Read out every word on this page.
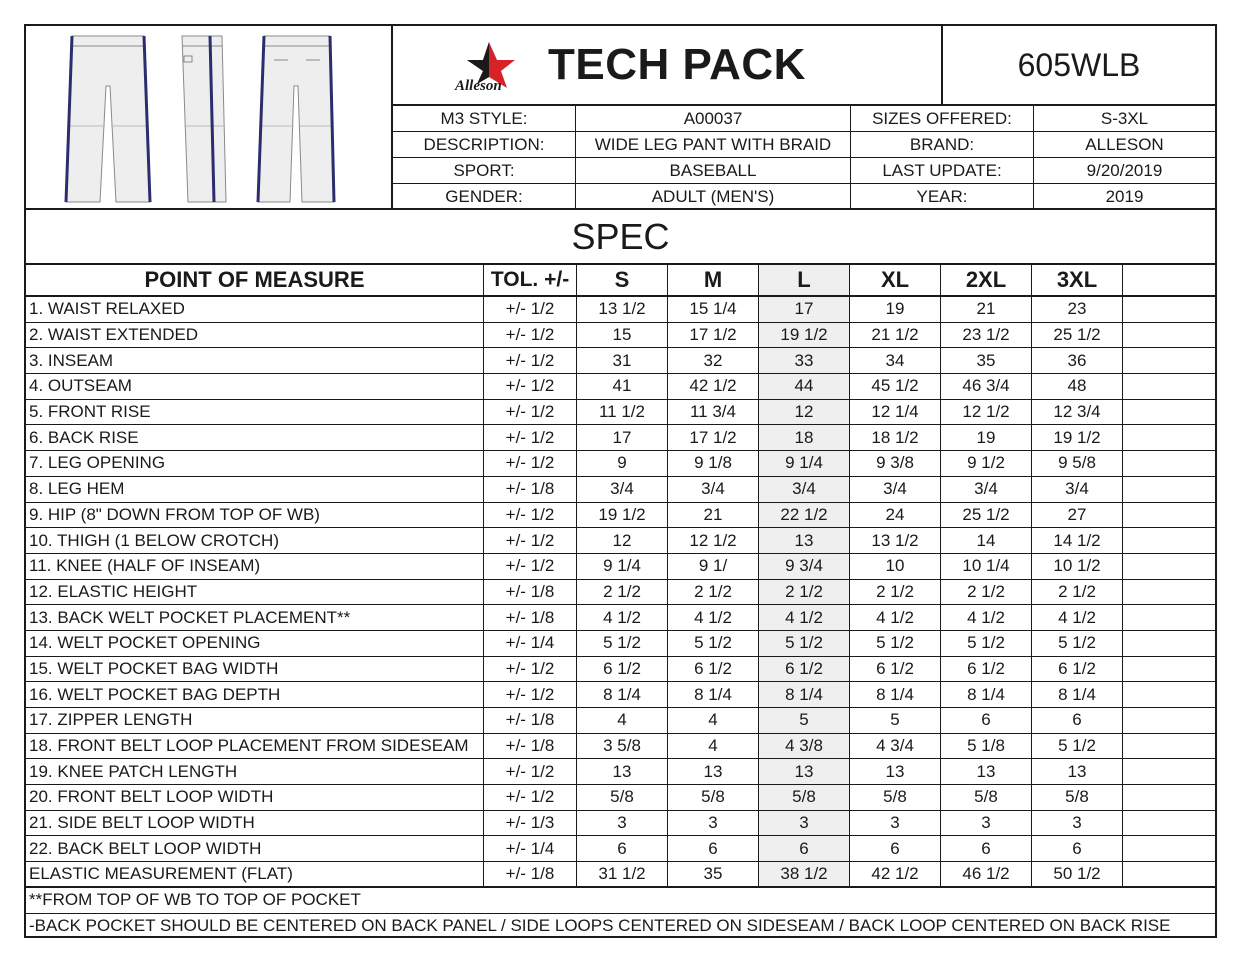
Alleson TECH PACK	605WLB
M3 STYLE:	A00037	SIZES OFFERED:	S-3XL
DESCRIPTION:	WIDE LEG PANT WITH BRAID	BRAND:	ALLESON
SPORT:	BASEBALL	LAST UPDATE:	9/20/2019
GENDER:	ADULT (MEN'S)	YEAR:	2019
SPEC
POINT OF MEASURE	TOL. +/-	S	M	L	XL	2XL	3XL
1. WAIST RELAXED	+/- 1/2	13 1/2	15 1/4	17	19	21	23
2. WAIST EXTENDED	+/- 1/2	15	17 1/2	19 1/2	21 1/2	23 1/2	25 1/2
3. INSEAM	+/- 1/2	31	32	33	34	35	36
4. OUTSEAM	+/- 1/2	41	42 1/2	44	45 1/2	46 3/4	48
5. FRONT RISE	+/- 1/2	11 1/2	11 3/4	12	12 1/4	12 1/2	12 3/4
6. BACK RISE	+/- 1/2	17	17 1/2	18	18 1/2	19	19 1/2
7. LEG OPENING	+/- 1/2	9	9 1/8	9 1/4	9 3/8	9 1/2	9 5/8
8. LEG HEM	+/- 1/8	3/4	3/4	3/4	3/4	3/4	3/4
9. HIP (8" DOWN FROM TOP OF WB)	+/- 1/2	19 1/2	21	22 1/2	24	25 1/2	27
10. THIGH (1 BELOW CROTCH)	+/- 1/2	12	12 1/2	13	13 1/2	14	14 1/2
11. KNEE (HALF OF INSEAM)	+/- 1/2	9 1/4	9 1/	9 3/4	10	10 1/4	10 1/2
12. ELASTIC HEIGHT	+/- 1/8	2 1/2	2 1/2	2 1/2	2 1/2	2 1/2	2 1/2
13. BACK WELT POCKET PLACEMENT**	+/- 1/8	4 1/2	4 1/2	4 1/2	4 1/2	4 1/2	4 1/2
14. WELT POCKET OPENING	+/- 1/4	5 1/2	5 1/2	5 1/2	5 1/2	5 1/2	5 1/2
15. WELT POCKET BAG WIDTH	+/- 1/2	6 1/2	6 1/2	6 1/2	6 1/2	6 1/2	6 1/2
16. WELT POCKET BAG DEPTH	+/- 1/2	8 1/4	8 1/4	8 1/4	8 1/4	8 1/4	8 1/4
17. ZIPPER LENGTH	+/- 1/8	4	4	5	5	6	6
18. FRONT BELT LOOP PLACEMENT FROM SIDESEAM	+/- 1/8	3 5/8	4	4 3/8	4 3/4	5 1/8	5 1/2
19. KNEE PATCH LENGTH	+/- 1/2	13	13	13	13	13	13
20. FRONT BELT LOOP WIDTH	+/- 1/2	5/8	5/8	5/8	5/8	5/8	5/8
21. SIDE BELT LOOP WIDTH	+/- 1/3	3	3	3	3	3	3
22. BACK BELT LOOP WIDTH	+/- 1/4	6	6	6	6	6	6
ELASTIC MEASUREMENT (FLAT)	+/- 1/8	31 1/2	35	38 1/2	42 1/2	46 1/2	50 1/2
**FROM TOP OF WB TO TOP OF POCKET
-BACK POCKET SHOULD BE CENTERED ON BACK PANEL / SIDE LOOPS CENTERED ON SIDESEAM / BACK LOOP CENTERED ON BACK RISE
